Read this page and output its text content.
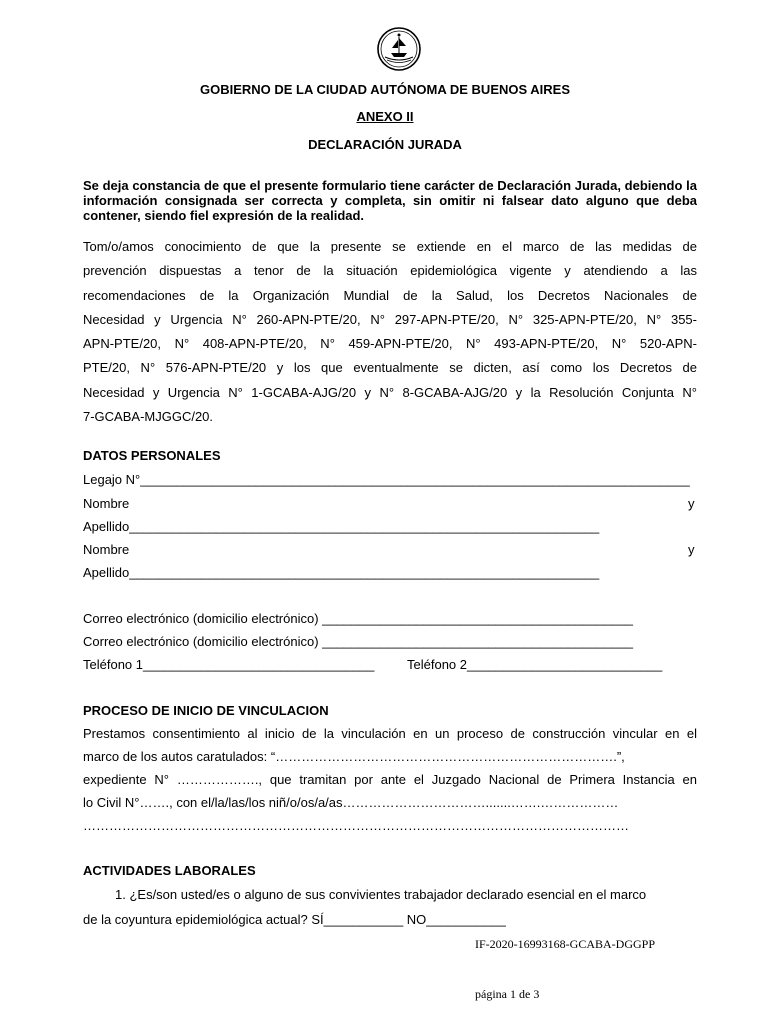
GOBIERNO DE LA CIUDAD AUTÓNOMA DE BUENOS AIRES
ANEXO II
DECLARACIÓN JURADA
Se deja constancia de que el presente formulario tiene carácter de Declaración Jurada, debiendo la información consignada ser correcta y completa, sin omitir ni falsear dato alguno que deba contener, siendo fiel expresión de la realidad.
Tom/o/amos conocimiento de que la presente se extiende en el marco de las medidas de
prevención dispuestas a tenor de la situación epidemiológica vigente y atendiendo a las
recomendaciones de la Organización Mundial de la Salud, los Decretos Nacionales de
Necesidad y Urgencia N° 260-APN-PTE/20, N° 297-APN-PTE/20, N° 325-APN-PTE/20, N° 355-
APN-PTE/20, N° 408-APN-PTE/20, N° 459-APN-PTE/20, N° 493-APN-PTE/20, N° 520-APN-
PTE/20, N° 576-APN-PTE/20 y los que eventualmente se dicten, así como los Decretos de
Necesidad y Urgencia N° 1-GCABA-AJG/20 y N° 8-GCABA-AJG/20 y la Resolución Conjunta N°
7-GCABA-MJGGC/20.
DATOS PERSONALES
Legajo N°____________________________________________________________________________
Nombre	y
Apellido_________________________________________________________________
Nombre	y
Apellido_________________________________________________________________
Correo electrónico (domicilio electrónico) ___________________________________________
Correo electrónico (domicilio electrónico) ___________________________________________
Teléfono 1________________________________	Teléfono 2___________________________
PROCESO DE INICIO DE VINCULACION
Prestamos consentimiento al inicio de la vinculación en un proceso de construcción vincular en el
marco de los autos caratulados: “…………………………………………………………………….”,
expediente N° ………………., que tramitan por ante el Juzgado Nacional de Primera Instancia en
lo Civil N°……., con el/la/las/los niñ/o/os/a/as…………………………….......…….………………
………………………………………………………………………………………………………………
ACTIVIDADES LABORALES
1. ¿Es/son usted/es o alguno de sus convivientes trabajador declarado esencial en el marco
de la coyuntura epidemiológica actual? SÍ___________ NO___________
IF-2020-16993168-GCABA-DGGPP
página 1 de 3
